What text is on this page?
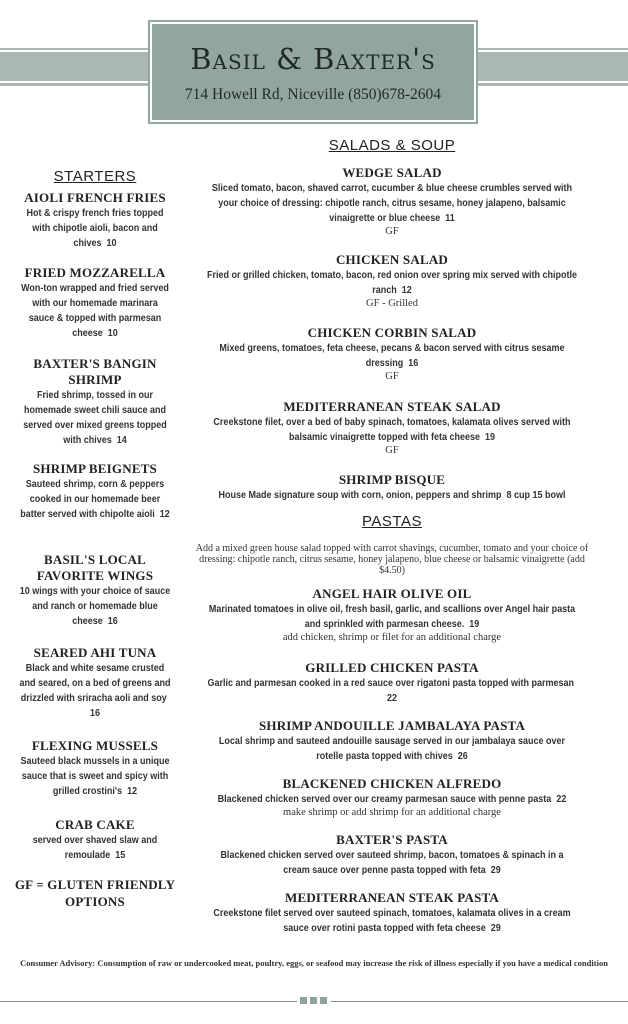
Basil & Baxter's
714 Howell Rd, Niceville (850)678-2604
STARTERS
SALADS & SOUP
PASTAS
AIOLI FRENCH FRIES
Hot & crispy french fries topped with chipotle aioli, bacon and chives 10
FRIED MOZZARELLA
Won-ton wrapped and fried served with our homemade marinara sauce & topped with parmesan cheese 10
BAXTER'S BANGIN SHRIMP
Fried shrimp, tossed in our homemade sweet chili sauce and served over mixed greens topped with chives 14
SHRIMP BEIGNETS
Sauteed shrimp, corn & peppers cooked in our homemade beer batter served with chipolte aioli 12
BASIL'S LOCAL FAVORITE WINGS
10 wings with your choice of sauce and ranch or homemade blue cheese 16
SEARED AHI TUNA
Black and white sesame crusted and seared, on a bed of greens and drizzled with sriracha aoli and soy  16
FLEXING MUSSELS
Sauteed black mussels in a unique sauce that is sweet and spicy with grilled crostini's 12
CRAB CAKE
served over shaved slaw and remoulade 15
GF = GLUTEN FRIENDLY OPTIONS
WEDGE SALAD
Sliced tomato, bacon, shaved carrot, cucumber & blue cheese crumbles served with your choice of dressing: chipotle ranch, citrus sesame, honey jalapeno, balsamic vinaigrette or blue cheese 11
GF
CHICKEN SALAD
Fried or grilled chicken, tomato, bacon, red onion over spring mix served with chipotle ranch 12
GF - Grilled
CHICKEN CORBIN SALAD
Mixed greens, tomatoes, feta cheese, pecans & bacon served with citrus sesame dressing 16
GF
MEDITERRANEAN STEAK SALAD
Creekstone filet, over a bed of baby spinach, tomatoes, kalamata olives served with balsamic vinaigrette topped with feta cheese 19
GF
SHRIMP BISQUE
House Made signature soup with corn, onion, peppers and shrimp 8 cup 15 bowl
Add a mixed green house salad topped with carrot shavings, cucumber, tomato and your choice of dressing: chipotle ranch, citrus sesame, honey jalapeno, blue cheese or balsamic vinaigrette (add $4.50)
ANGEL HAIR OLIVE OIL
Marinated tomatoes in olive oil, fresh basil, garlic, and scallions over Angel hair pasta and sprinkled with parmesan cheese. 19
add chicken, shrimp or filet for an additional charge
GRILLED CHICKEN PASTA
Garlic and parmesan cooked in a red sauce over rigatoni pasta topped with parmesan  22
SHRIMP ANDOUILLE JAMBALAYA PASTA
Local shrimp and sauteed andouille sausage served in our jambalaya sauce over rotelle pasta topped with chives 26
BLACKENED CHICKEN ALFREDO
Blackened chicken served over our creamy parmesan sauce with penne pasta 22
make shrimp or add shrimp for an additional charge
BAXTER'S PASTA
Blackened chicken served over sauteed shrimp, bacon, tomatoes & spinach in a cream sauce over penne pasta topped with feta 29
MEDITERRANEAN STEAK PASTA
Creekstone filet served over sauteed spinach, tomatoes, kalamata olives in a cream sauce over rotini pasta topped with feta cheese 29
Consumer Advisory: Consumption of raw or undercooked meat, poultry, eggs, or seafood may increase the risk of illness especially if you have a medical condition
